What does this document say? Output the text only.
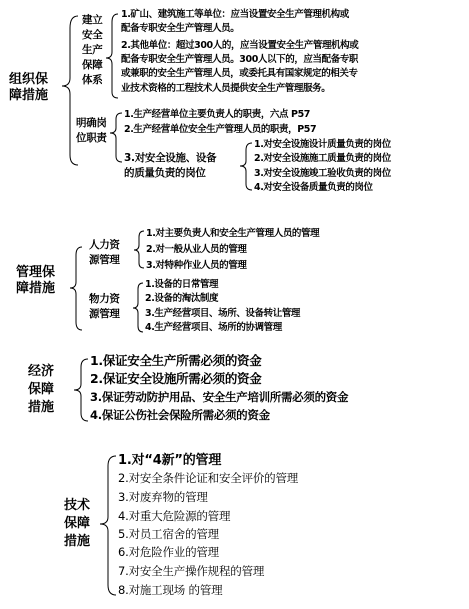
组织保
障措施
建立
安全
生产
保障
体系
1.矿山、建筑施工等单位：应当设置安全生产管理机构或
配备专职安全生产管理人员。
2.其他单位：超过300人的，应当设置安全生产管理机构或
配备专职安全生产管理人员。300人以下的，应当配备专职
或兼职的安全生产管理人员，或委托具有国家规定的相关专
业技术资格的工程技术人员提供安全生产管理服务。
明确岗
位职责
1.生产经营单位主要负责人的职责，六点 P57
2.生产经营单位安全生产管理人员的职责，P57
3.对安全设施、设备
的质量负责的岗位
1.对安全设施设计质量负责的岗位
2.对安全设施施工质量负责的岗位
3.对安全设施竣工验收负责的岗位
4.对安全设备质量负责的岗位
管理保
障措施
人力资
源管理
1.对主要负责人和安全生产管理人员的管理
2.对一般从业人员的管理
3.对特种作业人员的管理
物力资
源管理
1.设备的日常管理
2.设备的淘汰制度
3.生产经营项目、场所、设备转让管理
4.生产经营项目、场所的协调管理
经济
保障
措施
1.保证安全生产所需必须的资金
2.保证安全设施所需必须的资金
3.保证劳动防护用品、安全生产培训所需必须的资金
4.保证公伤社会保险所需必须的资金
技术
保障
措施
1.对“4新”的管理
2.对安全条件论证和安全评价的管理
3.对废弃物的管理
4.对重大危险源的管理
5.对员工宿舍的管理
6.对危险作业的管理
7.对安全生产操作规程的管理
8.对施工现场 的管理
